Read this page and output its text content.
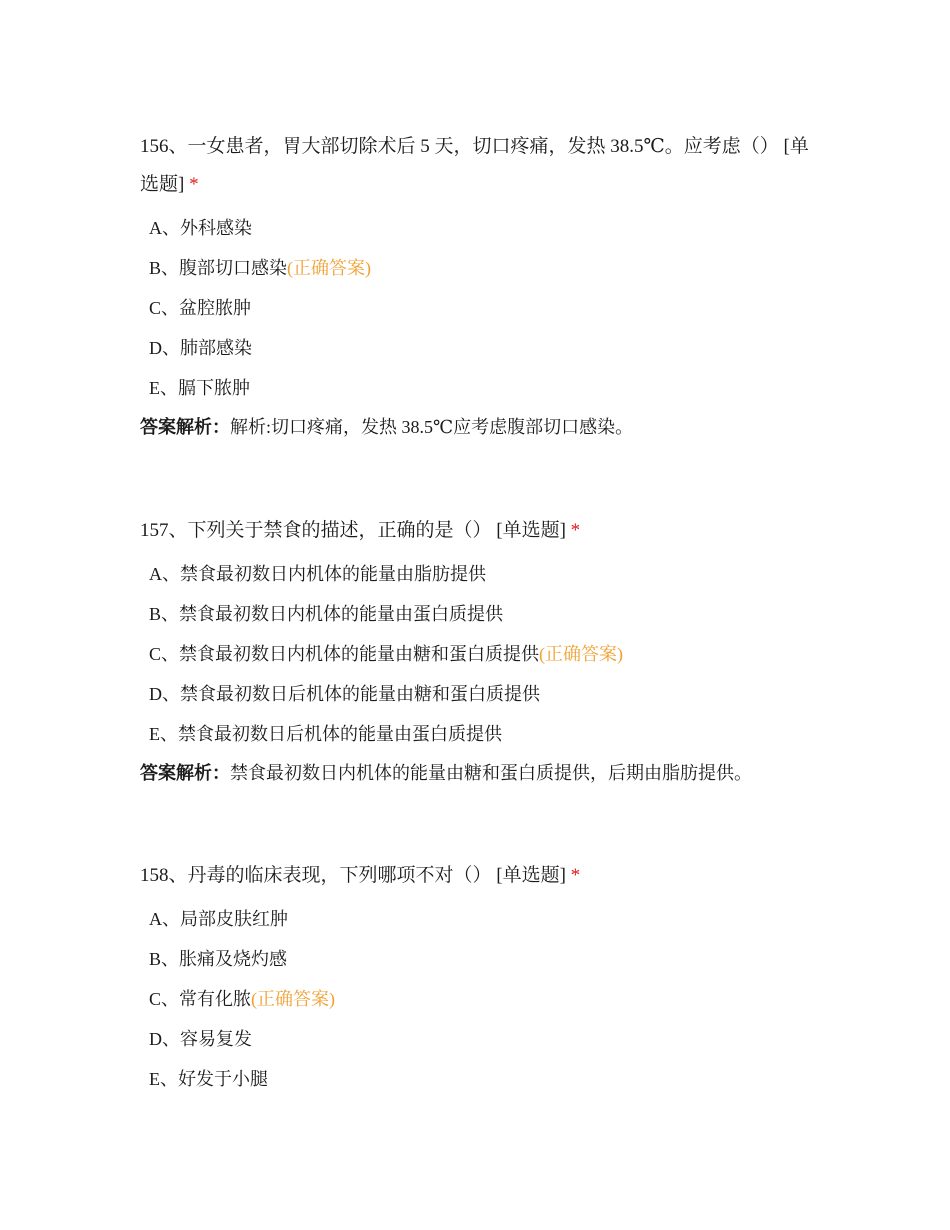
156、一女患者，胃大部切除术后 5 天，切口疼痛，发热 38.5℃。应考虑（） [单选题] *
A、外科感染
B、腹部切口感染(正确答案)
C、盆腔脓肿
D、肺部感染
E、膈下脓肿
答案解析：解析:切口疼痛，发热 38.5℃应考虑腹部切口感染。
157、下列关于禁食的描述，正确的是（） [单选题] *
A、禁食最初数日内机体的能量由脂肪提供
B、禁食最初数日内机体的能量由蛋白质提供
C、禁食最初数日内机体的能量由糖和蛋白质提供(正确答案)
D、禁食最初数日后机体的能量由糖和蛋白质提供
E、禁食最初数日后机体的能量由蛋白质提供
答案解析：禁食最初数日内机体的能量由糖和蛋白质提供，后期由脂肪提供。
158、丹毒的临床表现，下列哪项不对（） [单选题] *
A、局部皮肤红肿
B、胀痛及烧灼感
C、常有化脓(正确答案)
D、容易复发
E、好发于小腿
